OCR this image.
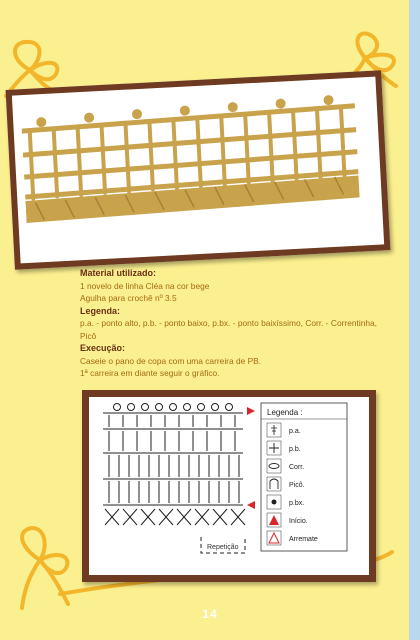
Material utilizado:
1 novelo de linha Cléa na cor bege
Agulha para crochê nº 3.5
Legenda:
p.a. - ponto alto, p.b. - ponto baixo, p.bx. - ponto baixíssimo, Corr. - Correntinha,
Picô
Execução:
Caseie o pano de copa com uma carreira de PB.
1ª carreira em diante seguir o gráfico.
Repetição
Legenda :
p.a.
p.b.
Corr.
Picô.
p.bx.
Início.
Arremate
14
